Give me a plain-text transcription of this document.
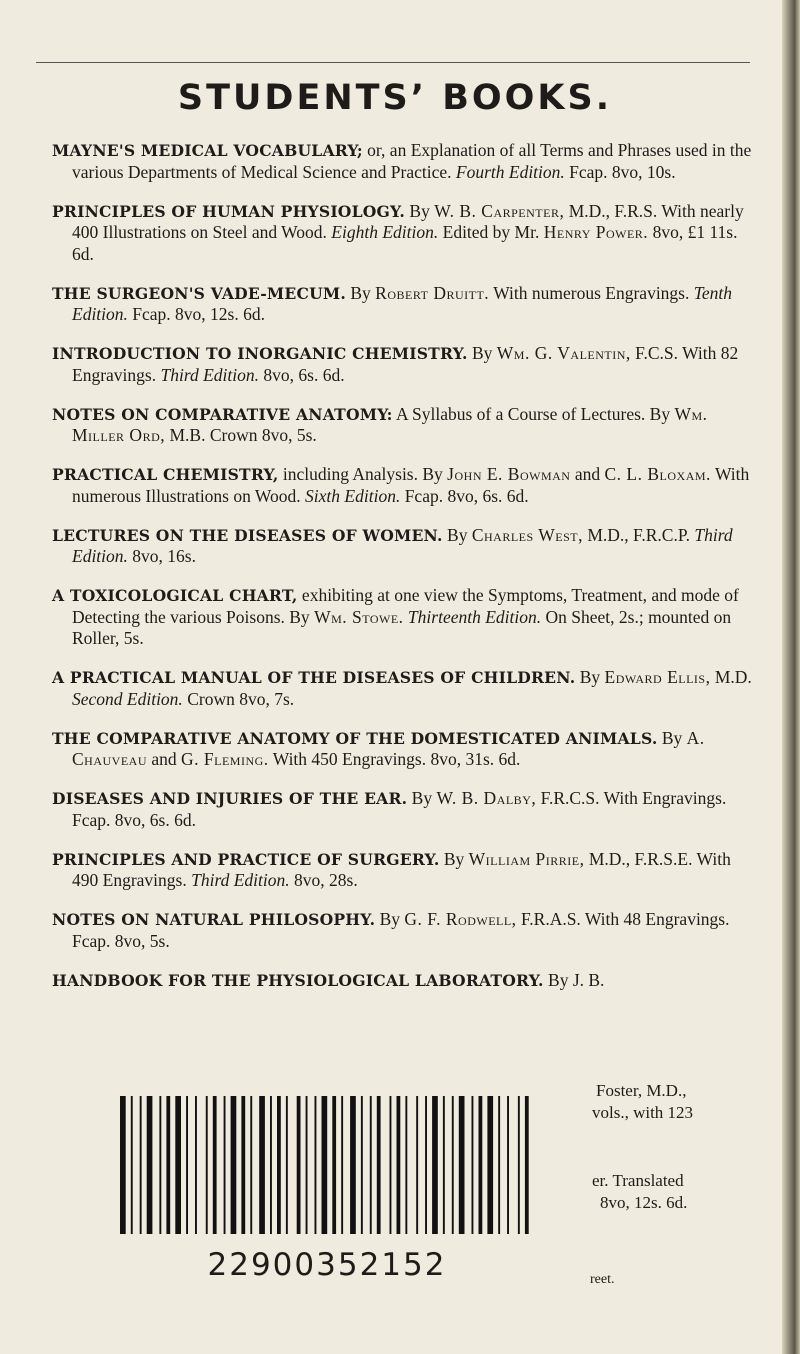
STUDENTS’ BOOKS.

MAYNE'S MEDICAL VOCABULARY; or, an Explanation of all Terms and Phrases used in the various Departments of Medical Science and Practice. Fourth Edition. Fcap. 8vo, 10s.

PRINCIPLES OF HUMAN PHYSIOLOGY. By W. B. Carpenter, M.D., F.R.S. With nearly 400 Illustrations on Steel and Wood. Eighth Edition. Edited by Mr. Henry Power. 8vo, £1 11s. 6d.

THE SURGEON'S VADE-MECUM. By Robert Druitt. With numerous Engravings. Tenth Edition. Fcap. 8vo, 12s. 6d.

INTRODUCTION TO INORGANIC CHEMISTRY. By Wm. G. Valentin, F.C.S. With 82 Engravings. Third Edition. 8vo, 6s. 6d.

NOTES ON COMPARATIVE ANATOMY: A Syllabus of a Course of Lectures. By Wm. Miller Ord, M.B. Crown 8vo, 5s.

PRACTICAL CHEMISTRY, including Analysis. By John E. Bowman and C. L. Bloxam. With numerous Illustrations on Wood. Sixth Edition. Fcap. 8vo, 6s. 6d.

LECTURES ON THE DISEASES OF WOMEN. By Charles West, M.D., F.R.C.P. Third Edition. 8vo, 16s.

A TOXICOLOGICAL CHART, exhibiting at one view the Symptoms, Treatment, and mode of Detecting the various Poisons. By Wm. Stowe. Thirteenth Edition. On Sheet, 2s.; mounted on Roller, 5s.

A PRACTICAL MANUAL OF THE DISEASES OF CHILDREN. By Edward Ellis, M.D. Second Edition. Crown 8vo, 7s.

THE COMPARATIVE ANATOMY OF THE DOMESTICATED ANIMALS. By A. Chauveau and G. Fleming. With 450 Engravings. 8vo, 31s. 6d.

DISEASES AND INJURIES OF THE EAR. By W. B. Dalby, F.R.C.S. With Engravings. Fcap. 8vo, 6s. 6d.

PRINCIPLES AND PRACTICE OF SURGERY. By William Pirrie, M.D., F.R.S.E. With 490 Engravings. Third Edition. 8vo, 28s.

NOTES ON NATURAL PHILOSOPHY. By G. F. Rodwell, F.R.A.S. With 48 Engravings. Fcap. 8vo, 5s.

HANDBOOK FOR THE PHYSIOLOGICAL LABORATORY. By J. B.

22900352152
Foster, M.D.,
vols., with 123
er. Translated
8vo, 12s. 6d.
reet.
